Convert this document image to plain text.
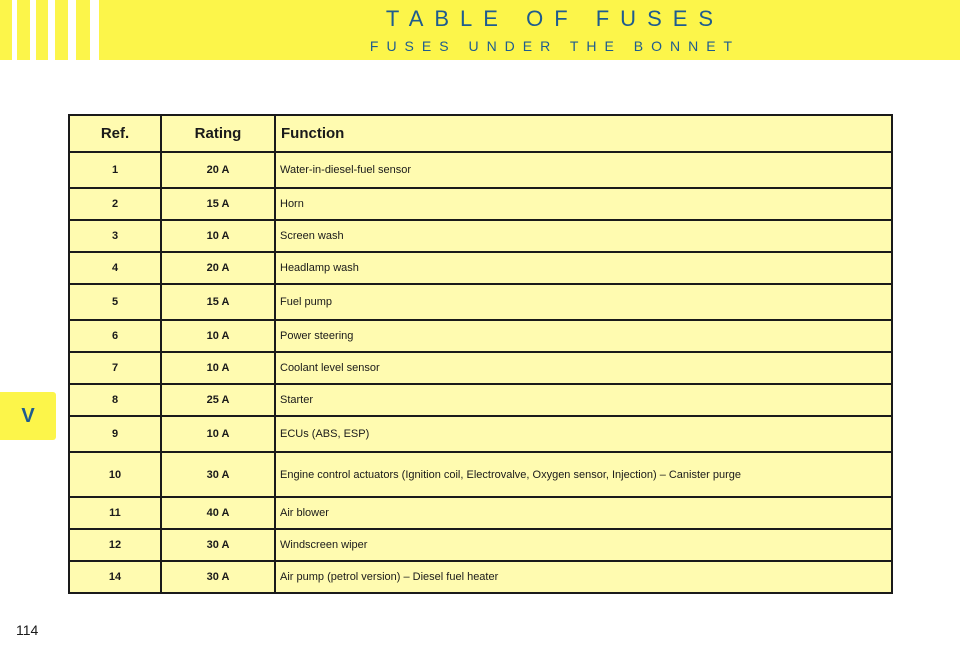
TABLE OF FUSES
FUSES UNDER THE BONNET
V
Ref.	Rating	Function
1	20 A	Water-in-diesel-fuel sensor
2	15 A	Horn
3	10 A	Screen wash
4	20 A	Headlamp wash
5	15 A	Fuel pump
6	10 A	Power steering
7	10 A	Coolant level sensor
8	25 A	Starter
9	10 A	ECUs (ABS, ESP)
10	30 A	Engine control actuators (Ignition coil, Electrovalve, Oxygen sensor, Injection) – Canister purge
11	40 A	Air blower
12	30 A	Windscreen wiper
14	30 A	Air pump (petrol version) – Diesel fuel heater
114
